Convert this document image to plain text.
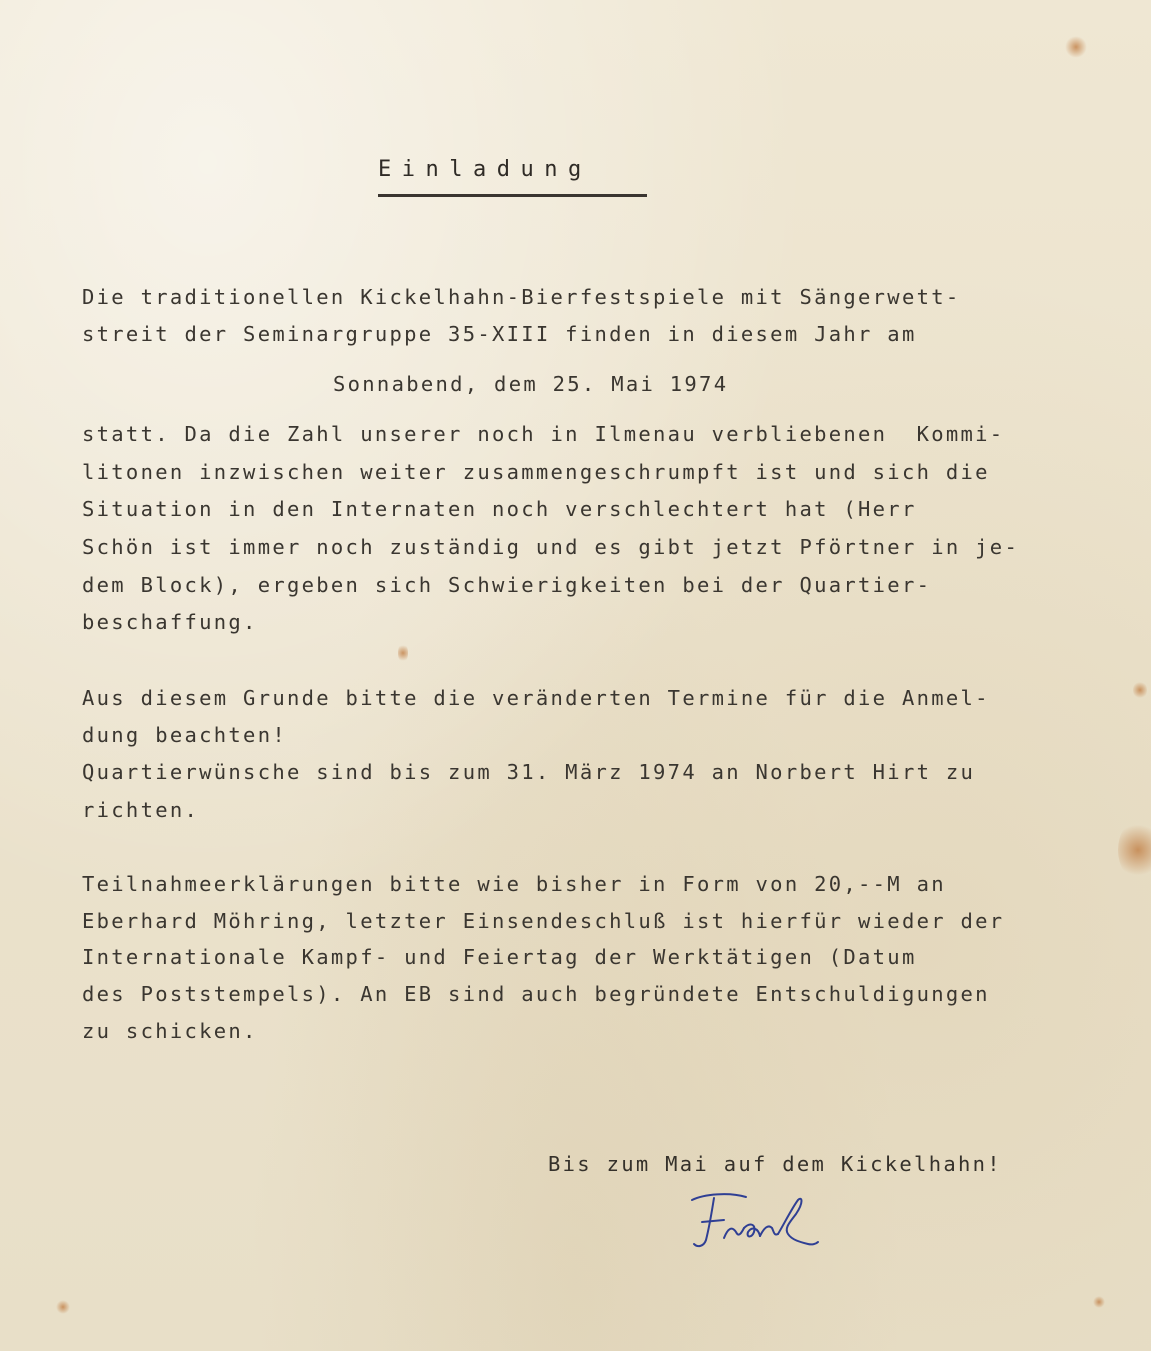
Einladung
Die traditionellen Kickelhahn-Bierfestspiele mit Sängerwett-
streit der Seminargruppe 35-XIII finden in diesem Jahr am
Sonnabend, dem 25. Mai 1974
statt. Da die Zahl unserer noch in Ilmenau verbliebenen  Kommi-
litonen inzwischen weiter zusammengeschrumpft ist und sich die
Situation in den Internaten noch verschlechtert hat (Herr
Schön ist immer noch zuständig und es gibt jetzt Pförtner in je-
dem Block), ergeben sich Schwierigkeiten bei der Quartier-
beschaffung.
Aus diesem Grunde bitte die veränderten Termine für die Anmel-
dung beachten!
Quartierwünsche sind bis zum 31. März 1974 an Norbert Hirt zu
richten.
Teilnahmeerklärungen bitte wie bisher in Form von 20,--M an
Eberhard Möhring, letzter Einsendeschluß ist hierfür wieder der
Internationale Kampf- und Feiertag der Werktätigen (Datum
des Poststempels). An EB sind auch begründete Entschuldigungen
zu schicken.
Bis zum Mai auf dem Kickelhahn!
